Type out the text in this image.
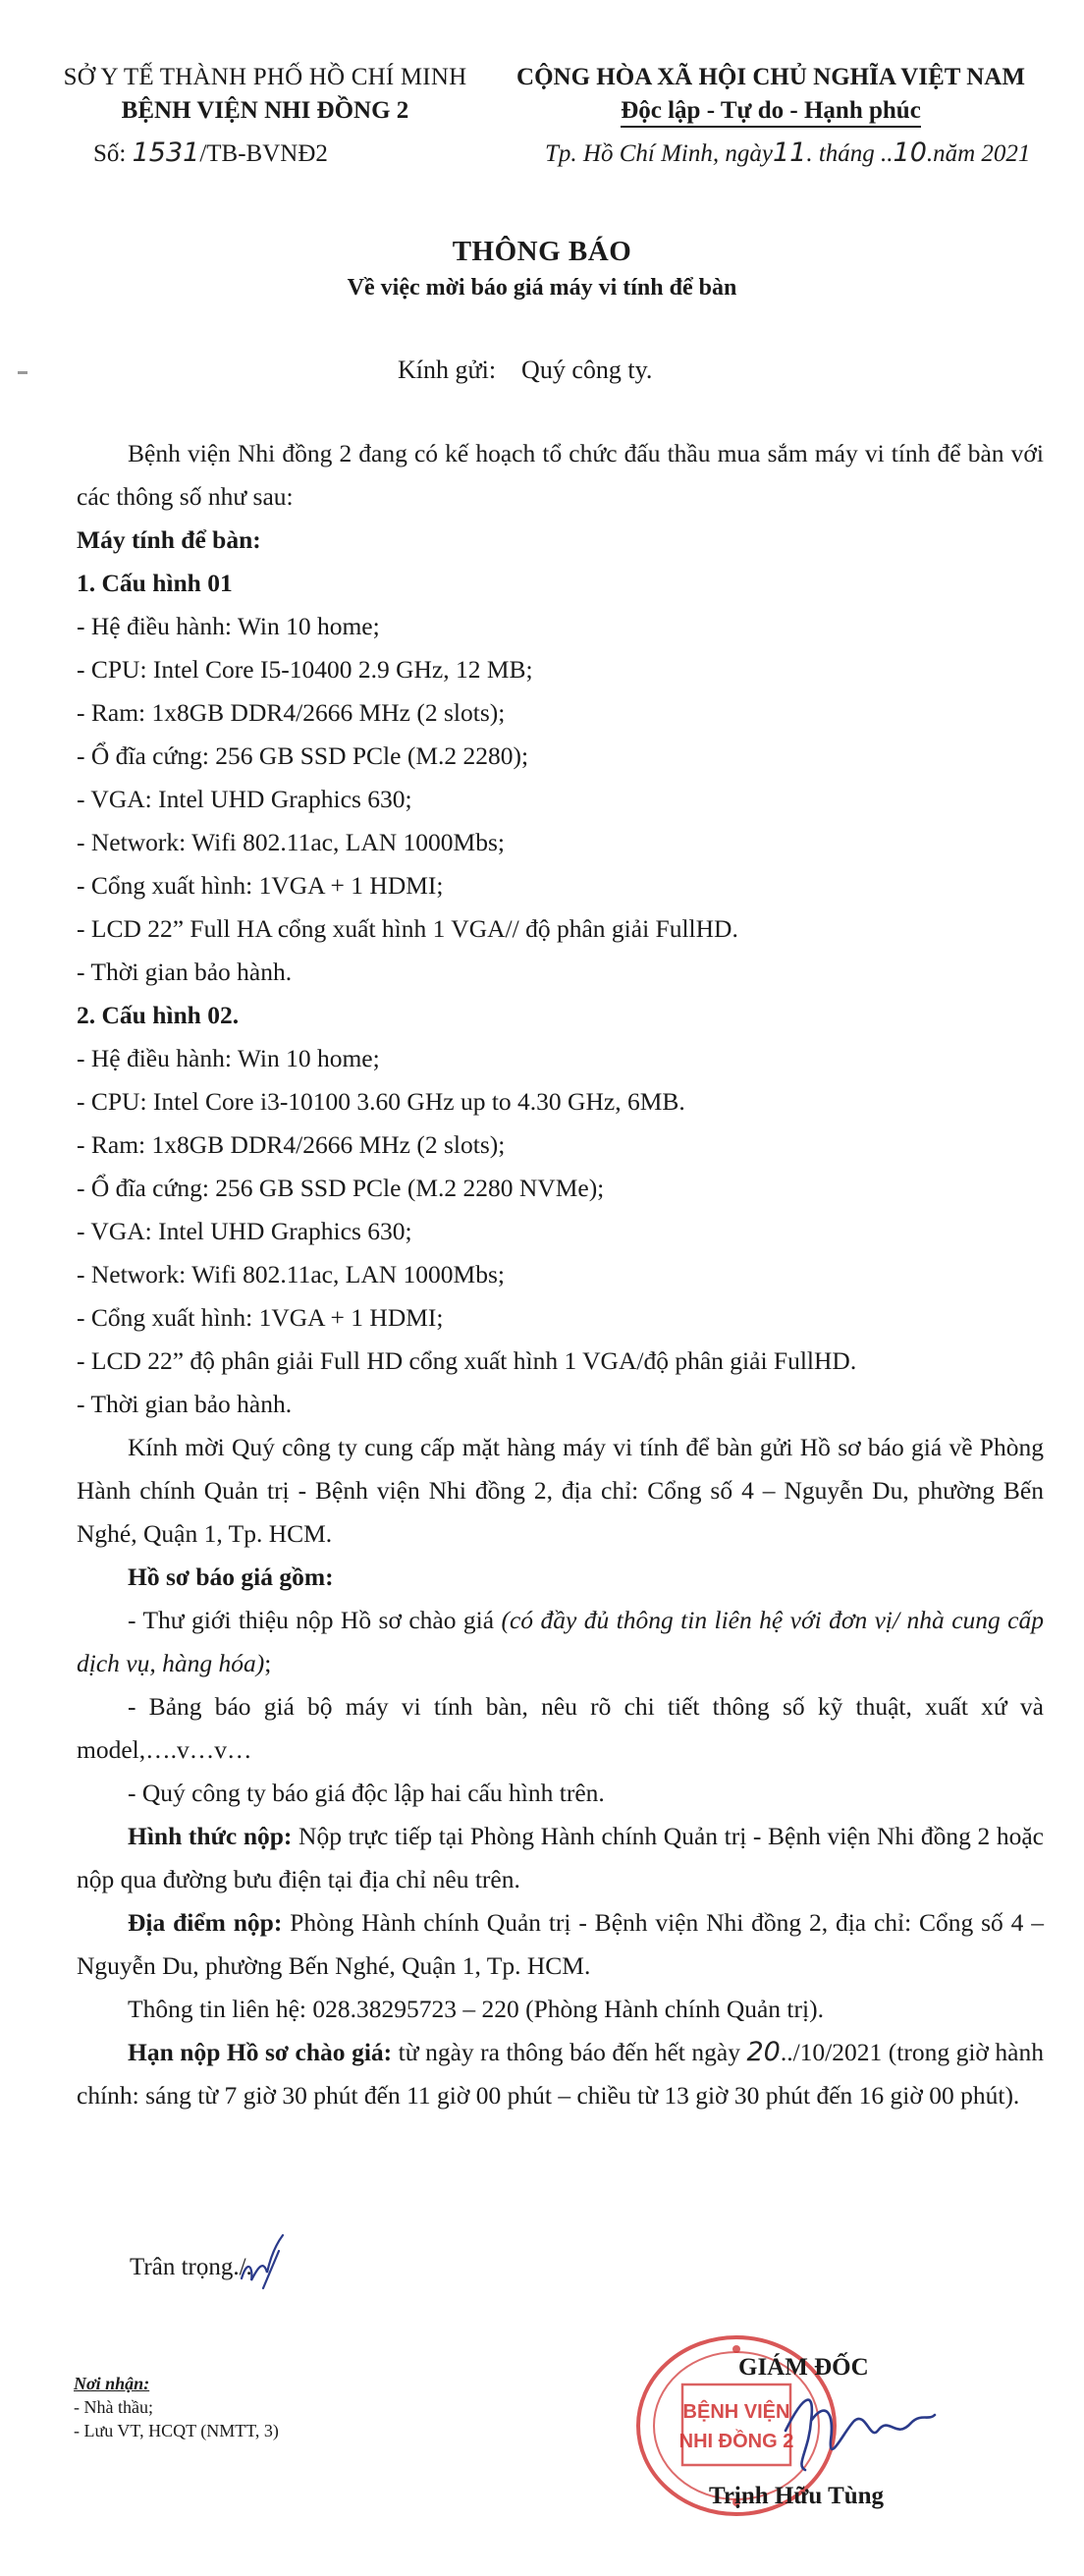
SỞ Y TẾ THÀNH PHỐ HỒ CHÍ MINH
BỆNH VIỆN NHI ĐỒNG 2
CỘNG HÒA XÃ HỘI CHỦ NGHĨA VIỆT NAM
Độc lập - Tự do - Hạnh phúc
Số: 1531/TB-BVNĐ2	Tp. Hồ Chí Minh, ngày11. tháng ..10.năm 2021
THÔNG BÁO
Về việc mời báo giá máy vi tính để bàn
Kính gửi: Quý công ty.

Bệnh viện Nhi đồng 2 đang có kế hoạch tổ chức đấu thầu mua sắm máy vi tính để bàn với các thông số như sau:

Máy tính để bàn:

1. Cấu hình 01

- Hệ điều hành: Win 10 home;

- CPU: Intel Core I5-10400 2.9 GHz, 12 MB;

- Ram: 1x8GB DDR4/2666 MHz (2 slots);

- Ổ đĩa cứng: 256 GB SSD PCle (M.2 2280);

- VGA: Intel UHD Graphics 630;

- Network: Wifi 802.11ac, LAN 1000Mbs;

- Cổng xuất hình: 1VGA + 1 HDMI;

- LCD 22” Full HA cổng xuất hình 1 VGA// độ phân giải FullHD.

- Thời gian bảo hành.

2. Cấu hình 02.

- Hệ điều hành: Win 10 home;

- CPU: Intel Core i3-10100 3.60 GHz up to 4.30 GHz, 6MB.

- Ram: 1x8GB DDR4/2666 MHz (2 slots);

- Ổ đĩa cứng: 256 GB SSD PCle (M.2 2280 NVMe);

- VGA: Intel UHD Graphics 630;

- Network: Wifi 802.11ac, LAN 1000Mbs;

- Cổng xuất hình: 1VGA + 1 HDMI;

- LCD 22” độ phân giải Full HD cổng xuất hình 1 VGA/độ phân giải FullHD.

- Thời gian bảo hành.

Kính mời Quý công ty cung cấp mặt hàng máy vi tính để bàn gửi Hồ sơ báo giá về Phòng Hành chính Quản trị - Bệnh viện Nhi đồng 2, địa chỉ: Cổng số 4 – Nguyễn Du, phường Bến Nghé, Quận 1, Tp. HCM.

Hồ sơ báo giá gồm:

- Thư giới thiệu nộp Hồ sơ chào giá (có đầy đủ thông tin liên hệ với đơn vị/ nhà cung cấp dịch vụ, hàng hóa);

- Bảng báo giá bộ máy vi tính bàn, nêu rõ chi tiết thông số kỹ thuật, xuất xứ và model,….v…v…

- Quý công ty báo giá độc lập hai cấu hình trên.

Hình thức nộp: Nộp trực tiếp tại Phòng Hành chính Quản trị - Bệnh viện Nhi đồng 2 hoặc nộp qua đường bưu điện tại địa chỉ nêu trên.

Địa điểm nộp: Phòng Hành chính Quản trị - Bệnh viện Nhi đồng 2, địa chỉ: Cổng số 4 – Nguyễn Du, phường Bến Nghé, Quận 1, Tp. HCM.

Thông tin liên hệ: 028.38295723 – 220 (Phòng Hành chính Quản trị).

Hạn nộp Hồ sơ chào giá: từ ngày ra thông báo đến hết ngày 20../10/2021 (trong giờ hành chính: sáng từ 7 giờ 30 phút đến 11 giờ 00 phút – chiều từ 13 giờ 30 phút đến 16 giờ 00 phút).

Trân trọng./.
Nơi nhận:
- Nhà thầu;
- Lưu VT, HCQT (NMTT, 3)
BỆNH VIỆN
NHI ĐỒNG 2
GIÁM ĐỐC
Trịnh Hữu Tùng
